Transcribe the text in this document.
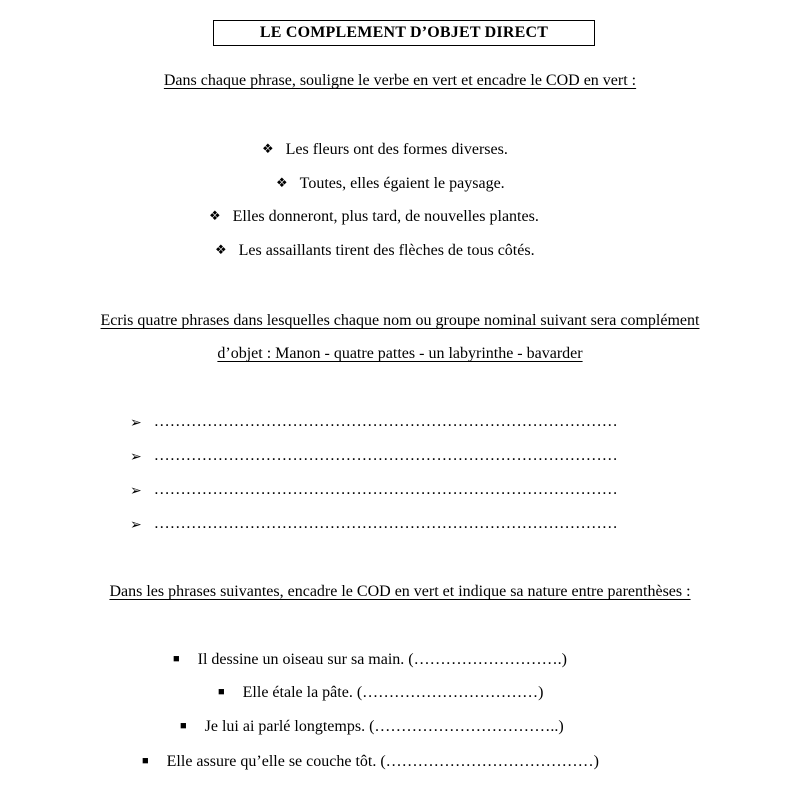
LE COMPLEMENT D’OBJET DIRECT
Dans chaque phrase, souligne le verbe en vert et encadre le COD en vert :
❖ Les fleurs ont des formes diverses.
❖ Toutes, elles égaient le paysage.
❖ Elles donneront, plus tard, de nouvelles plantes.
❖ Les assaillants tirent des flèches de tous côtés.
Ecris quatre phrases dans lesquelles chaque nom ou groupe nominal suivant sera complément
d’objet : Manon - quatre pattes - un labyrinthe - bavarder
➢ ……………………………………………………………………………
➢ ……………………………………………………………………………
➢ ……………………………………………………………………………
➢ ……………………………………………………………………………
Dans les phrases suivantes, encadre le COD en vert et indique sa nature entre parenthèses :
■ Il dessine un oiseau sur sa main. (……………………….)
■ Elle étale la pâte. (……………………………)
■ Je lui ai parlé longtemps. (……………………………..)
■ Elle assure qu’elle se couche tôt. (…………………………………)
